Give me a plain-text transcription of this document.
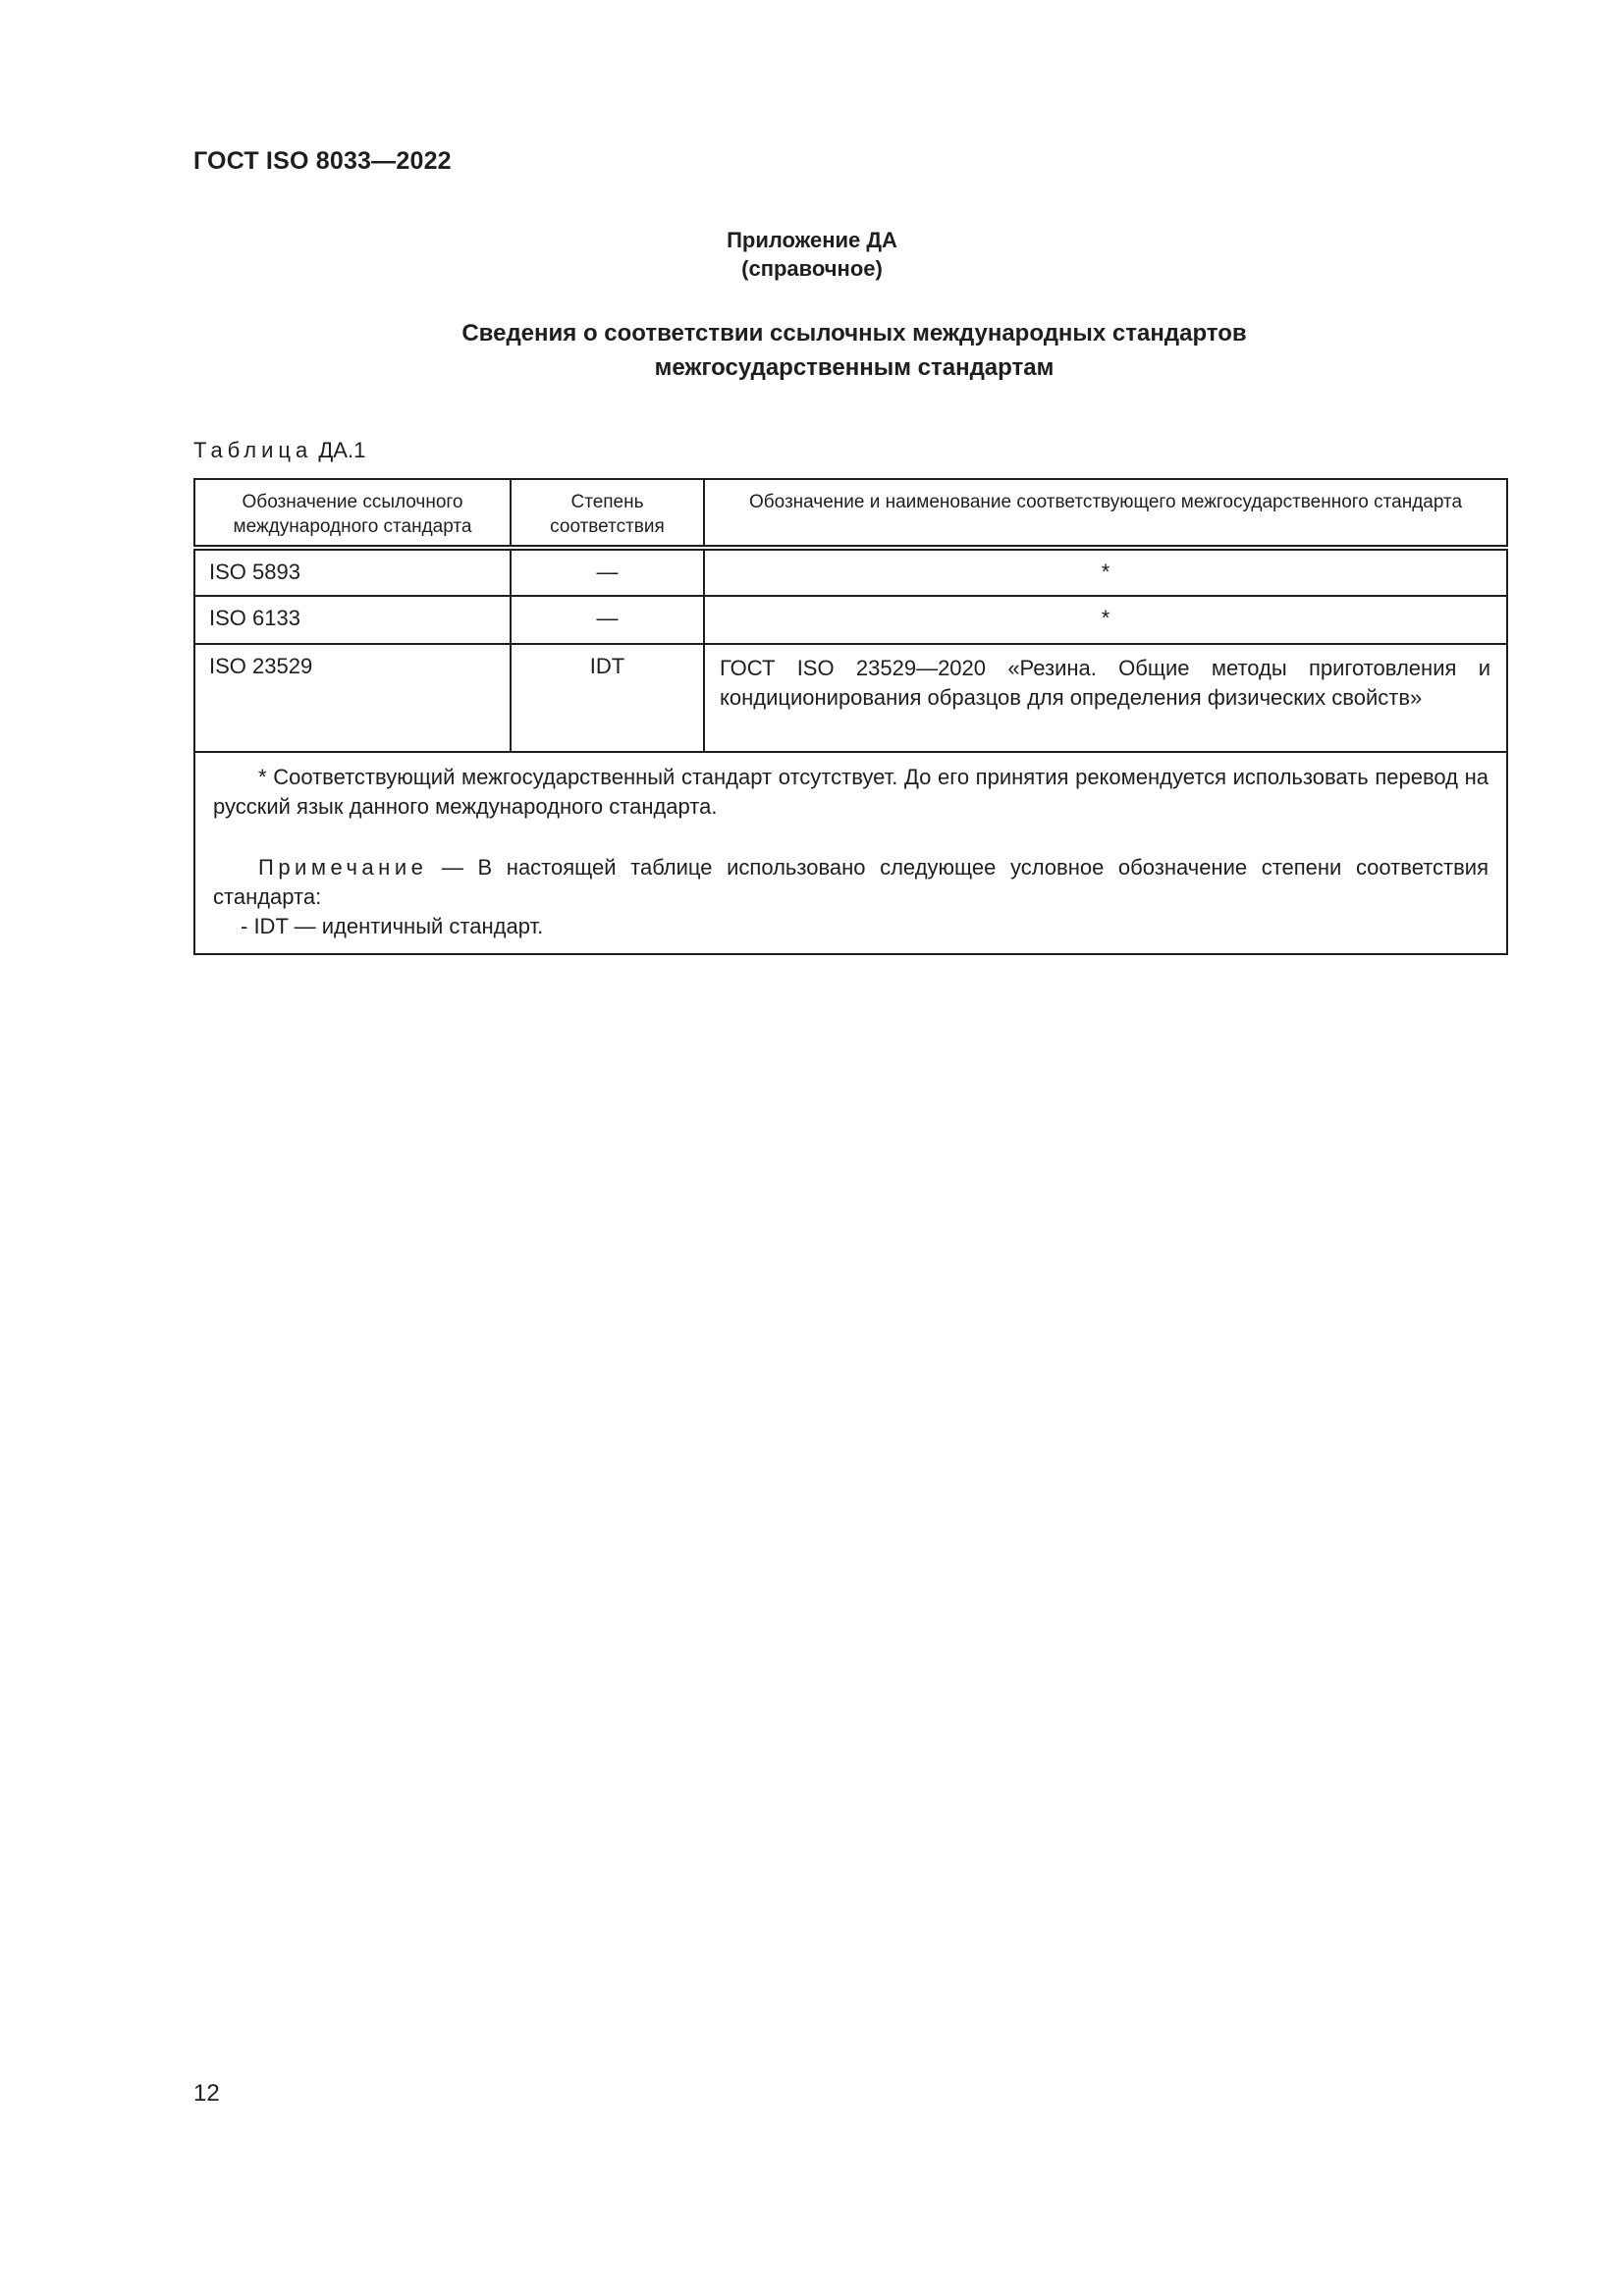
ГОСТ ISO 8033—2022
Приложение ДА
(справочное)
Сведения о соответствии ссылочных международных стандартов
межгосударственным стандартам
Таблица ДА.1
Обозначение ссылочного международного стандарта	Степень соответствия	Обозначение и наименование соответствующего межгосударственного стандарта
ISO 5893	—	*
ISO 6133	—	*
ISO 23529	IDT	ГОСТ ISO 23529—2020 «Резина. Общие методы приготовления и кондиционирования образцов для определения физических свойств»

* Соответствующий межгосударственный стандарт отсутствует. До его принятия рекомендуется использовать перевод на русский язык данного международного стандарта.

Примечание — В настоящей таблице использовано следующее условное обозначение степени соответствия стандарта:

- IDT — идентичный стандарт.		

12
